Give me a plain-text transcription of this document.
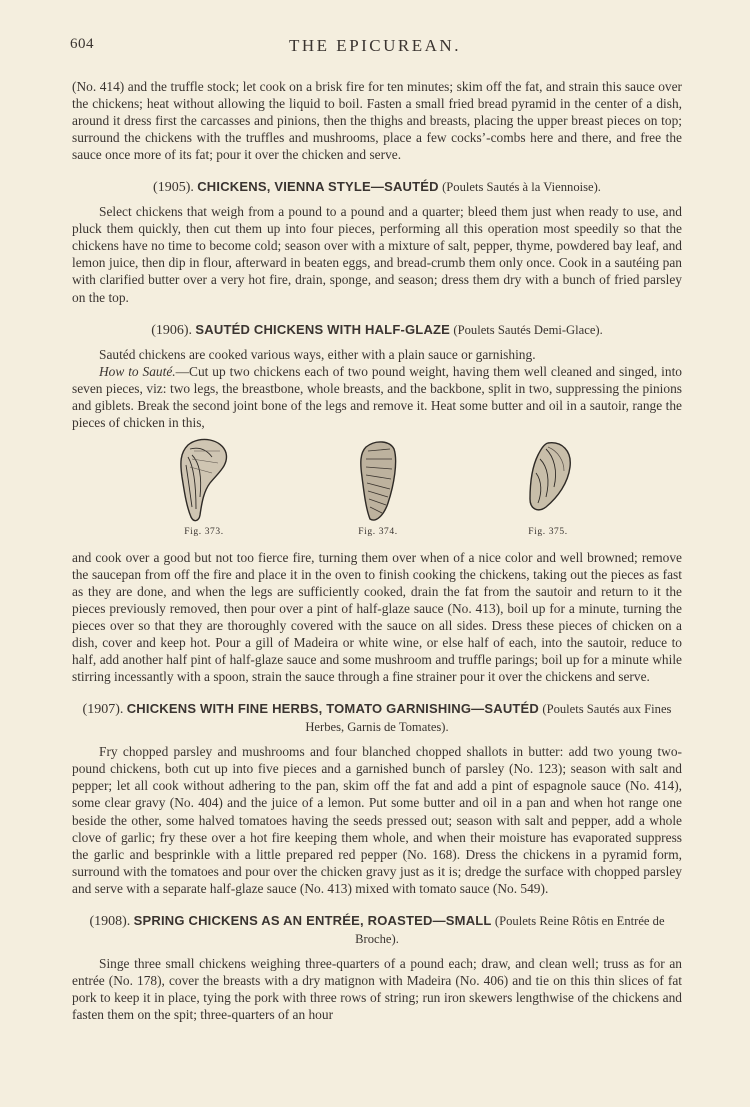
604	THE EPICUREAN.

(No. 414) and the truffle stock; let cook on a brisk fire for ten minutes; skim off the fat, and strain this sauce over the chickens; heat without allowing the liquid to boil. Fasten a small fried bread pyramid in the center of a dish, around it dress first the carcasses and pinions, then the thighs and breasts, placing the upper breast pieces on top; surround the chickens with the truffles and mushrooms, place a few cocks’-combs here and there, and free the sauce once more of its fat; pour it over the chicken and serve.

(1905). CHICKENS, VIENNA STYLE—SAUTÉD (Poulets Sautés à la Viennoise).

Select chickens that weigh from a pound to a pound and a quarter; bleed them just when ready to use, and pluck them quickly, then cut them up into four pieces, performing all this operation most speedily so that the chickens have no time to become cold; season over with a mixture of salt, pepper, thyme, powdered bay leaf, and lemon juice, then dip in flour, afterward in beaten eggs, and bread-crumb them only once. Cook in a sautéing pan with clarified butter over a very hot fire, drain, sponge, and season; dress them dry with a bunch of fried parsley on the top.

(1906). SAUTÉD CHICKENS WITH HALF-GLAZE (Poulets Sautés Demi-Glace).

Sautéd chickens are cooked various ways, either with a plain sauce or garnishing.

How to Sauté.—Cut up two chickens each of two pound weight, having them well cleaned and singed, into seven pieces, viz: two legs, the breastbone, whole breasts, and the backbone, split in two, suppressing the pinions and giblets. Break the second joint bone of the legs and remove it. Heat some butter and oil in a sautoir, range the pieces of chicken in this,

Fig. 373.	Fig. 374.	Fig. 375.

and cook over a good but not too fierce fire, turning them over when of a nice color and well browned; remove the saucepan from off the fire and place it in the oven to finish cooking the chickens, taking out the pieces as fast as they are done, and when the legs are sufficiently cooked, drain the fat from the sautoir and return to it the pieces previously removed, then pour over a pint of half-glaze sauce (No. 413), boil up for a minute, turning the pieces over so that they are thoroughly covered with the sauce on all sides. Dress these pieces of chicken on a dish, cover and keep hot. Pour a gill of Madeira or white wine, or else half of each, into the sautoir, reduce to half, add another half pint of half-glaze sauce and some mushroom and truffle parings; boil up for a minute while stirring incessantly with a spoon, strain the sauce through a fine strainer pour it over the chickens and serve.

(1907). CHICKENS WITH FINE HERBS, TOMATO GARNISHING—SAUTÉD (Poulets Sautés aux Fines Herbes, Garnis de Tomates).

Fry chopped parsley and mushrooms and four blanched chopped shallots in butter: add two young two-pound chickens, both cut up into five pieces and a garnished bunch of parsley (No. 123); season with salt and pepper; let all cook without adhering to the pan, skim off the fat and add a pint of espagnole sauce (No. 414), some clear gravy (No. 404) and the juice of a lemon. Put some butter and oil in a pan and when hot range one beside the other, some halved tomatoes having the seeds pressed out; season with salt and pepper, add a whole clove of garlic; fry these over a hot fire keeping them whole, and when their moisture has evaporated suppress the garlic and besprinkle with a little prepared red pepper (No. 168). Dress the chickens in a pyramid form, surround with the tomatoes and pour over the chicken gravy just as it is; dredge the surface with chopped parsley and serve with a separate half-glaze sauce (No. 413) mixed with tomato sauce (No. 549).

(1908). SPRING CHICKENS AS AN ENTRÉE, ROASTED—SMALL (Poulets Reine Rôtis en Entrée de Broche).

Singe three small chickens weighing three-quarters of a pound each; draw, and clean well; truss as for an entrée (No. 178), cover the breasts with a dry matignon with Madeira (No. 406) and tie on this thin slices of fat pork to keep it in place, tying the pork with three rows of string; run iron skewers lengthwise of the chickens and fasten them on the spit; three-quarters of an hour
